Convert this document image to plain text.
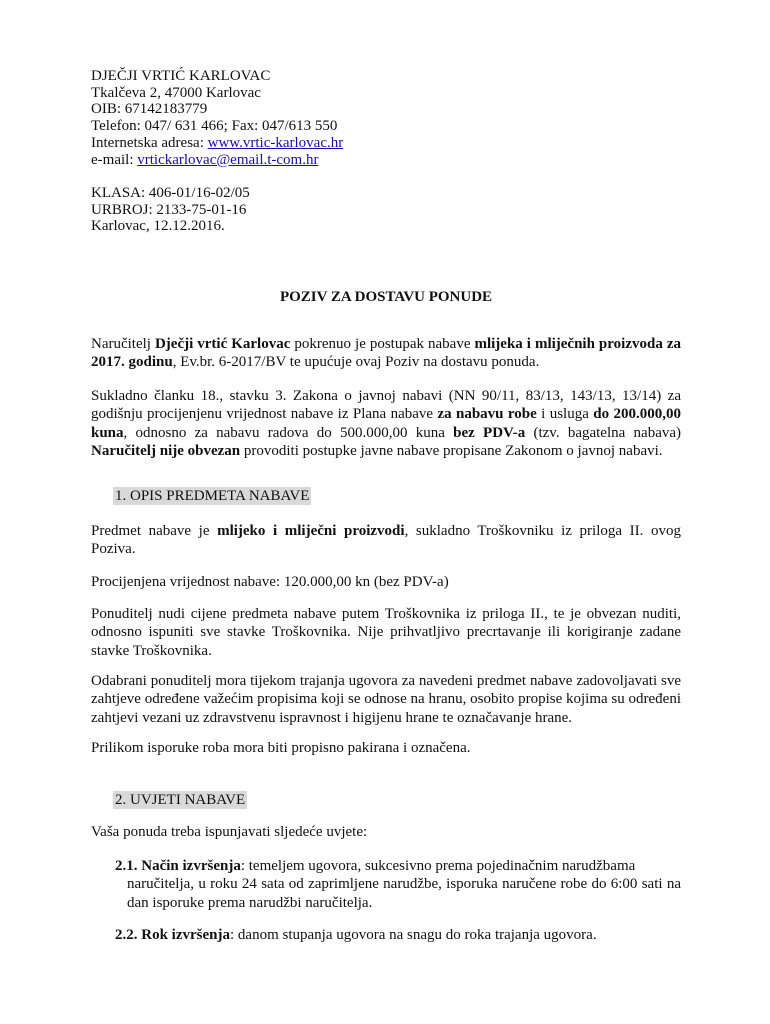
DJEČJI VRTIĆ KARLOVAC
Tkalčeva 2, 47000 Karlovac
OIB: 67142183779
Telefon: 047/ 631 466; Fax: 047/613 550
Internetska adresa: www.vrtic-karlovac.hr
e-mail: vrtickarlovac@email.t-com.hr
KLASA: 406-01/16-02/05
URBROJ: 2133-75-01-16
Karlovac, 12.12.2016.
POZIV ZA DOSTAVU PONUDE

Naručitelj Dječji vrtić Karlovac pokrenuo je postupak nabave mlijeka i mliječnih proizvoda za 2017. godinu, Ev.br. 6-2017/BV te upućuje ovaj Poziv na dostavu ponuda.

Sukladno članku 18., stavku 3. Zakona o javnoj nabavi (NN 90/11, 83/13, 143/13, 13/14) za godišnju procijenjenu vrijednost nabave iz Plana nabave za nabavu robe i usluga do 200.000,00 kuna, odnosno za nabavu radova do 500.000,00 kuna bez PDV-a (tzv. bagatelna nabava) Naručitelj nije obvezan provoditi postupke javne nabave propisane Zakonom o javnoj nabavi.

1. OPIS PREDMETA NABAVE

Predmet nabave je mlijeko i mliječni proizvodi, sukladno Troškovniku iz priloga II. ovog Poziva.

Procijenjena vrijednost nabave: 120.000,00 kn (bez PDV-a)

Ponuditelj nudi cijene predmeta nabave putem Troškovnika iz priloga II., te je obvezan nuditi, odnosno ispuniti sve stavke Troškovnika. Nije prihvatljivo precrtavanje ili korigiranje zadane stavke Troškovnika.

Odabrani ponuditelj mora tijekom trajanja ugovora za navedeni predmet nabave zadovoljavati sve zahtjeve određene važećim propisima koji se odnose na hranu, osobito propise kojima su određeni zahtjevi vezani uz zdravstvenu ispravnost i higijenu hrane te označavanje hrane.

Prilikom isporuke roba mora biti propisno pakirana i označena.

2. UVJETI NABAVE

Vaša ponuda treba ispunjavati sljedeće uvjete:

2.1. Način izvršenja: temeljem ugovora, sukcesivno prema pojedinačnim narudžbama
naručitelja, u roku 24 sata od zaprimljene narudžbe, isporuka naručene robe do 6:00 sati na dan isporuke prema narudžbi naručitelja.

2.2. Rok izvršenja: danom stupanja ugovora na snagu do roka trajanja ugovora.
